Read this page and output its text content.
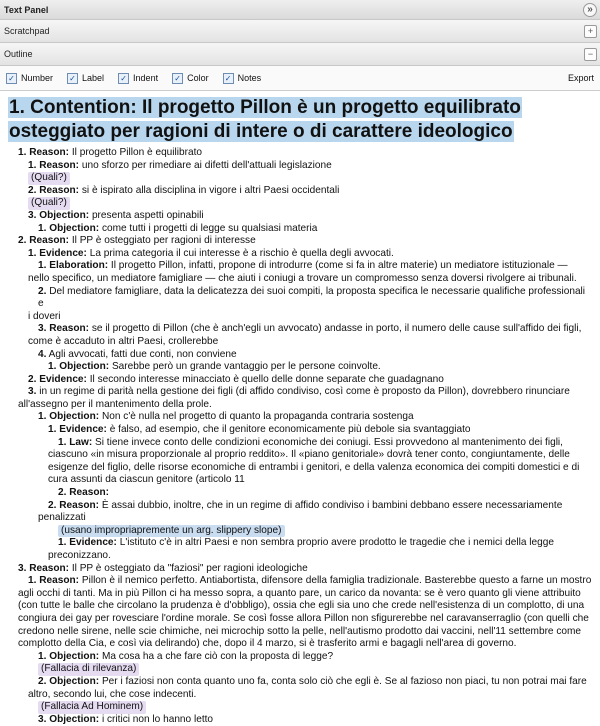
Text Panel	»
Scratchpad	+
Outline	−
✓ Number ✓ Label ✓ Indent ✓ Color ✓ Notes	Export
1. Contention: Il progetto Pillon è un progetto equilibrato osteggiato per ragioni di intere o di carattere ideologico
1. Reason: Il progetto Pillon è equilibrato
1. Reason: uno sforzo per rimediare ai difetti dell'attuali legislazione
(Quali?)
2. Reason: si è ispirato alla disciplina in vigore i altri Paesi occidentali
(Quali?)
3. Objection: presenta aspetti opinabili
1. Objection: come tutti i progetti di legge su qualsiasi materia
2. Reason: Il PP è osteggiato per ragioni di interesse
1. Evidence: La prima categoria il cui interesse è a rischio è quella degli avvocati.
1. Elaboration: Il progetto Pillon, infatti, propone di introdurre (come si fa in altre materie) un mediatore istituzionale —
nello specifico, un mediatore famigliare — che aiuti i coniugi a trovare un compromesso senza doversi rivolgere ai tribunali.
2. Del mediatore famigliare, data la delicatezza dei suoi compiti, la proposta specifica le necessarie qualifiche professionali e
i doveri
3. Reason: se il progetto di Pillon (che è anch'egli un avvocato) andasse in porto, il numero delle cause sull'affido dei figli,
come è accaduto in altri Paesi, crollerebbe
4. Agli avvocati, fatti due conti, non conviene
1. Objection: Sarebbe però un grande vantaggio per le persone coinvolte.
2. Evidence: Il secondo interesse minacciato è quello delle donne separate che guadagnano
3. in un regime di parità nella gestione dei figli (di affido condiviso, così come è proposto da Pillon), dovrebbero rinunciare
all'assegno per il mantenimento della prole.
1. Objection: Non c'è nulla nel progetto di quanto la propaganda contraria sostenga
1. Evidence: è falso, ad esempio, che il genitore economicamente più debole sia svantaggiato
1. Law: Si tiene invece conto delle condizioni economiche dei coniugi. Essi provvedono al mantenimento dei figli,
ciascuno «in misura proporzionale al proprio reddito». Il «piano genitoriale» dovrà tener conto, congiuntamente, delle
esigenze del figlio, delle risorse economiche di entrambi i genitori, e della valenza economica dei compiti domestici e di
cura assunti da ciascun genitore (articolo 11
2. Reason:
2. Reason: È assai dubbio, inoltre, che in un regime di affido condiviso i bambini debbano essere necessariamente
penalizzati
(usano impropriapremente un arg. slippery slope)
1. Evidence: L'istituto c'è in altri Paesi e non sembra proprio avere prodotto le tragedie che i nemici della legge
preconizzano.
3. Reason: Il PP è osteggiato da "faziosi" per ragioni ideologiche
1. Reason: Pillon è il nemico perfetto. Antiabortista, difensore della famiglia tradizionale. Basterebbe questo a farne un mostro
agli occhi di tanti. Ma in più Pillon ci ha messo sopra, a quanto pare, un carico da novanta: se è vero quanto gli viene attribuito
(con tutte le balle che circolano la prudenza è d'obbligo), ossia che egli sia uno che crede nell'esistenza di un complotto, di una
congiura dei gay per rovesciare l'ordine morale. Se così fosse allora Pillon non sfigurerebbe nel caravanserraglio (con quelli che
credono nelle sirene, nelle scie chimiche, nei microchip sotto la pelle, nell'autismo prodotto dai vaccini, nell'11 settembre come
complotto della Cia, e così via delirando) che, dopo il 4 marzo, si è trasferito armi e bagagli nell'area di governo.
1. Objection: Ma cosa ha a che fare ciò con la proposta di legge?
(Fallacia di rilevanza)
2. Objection: Per i faziosi non conta quanto uno fa, conta solo ciò che egli è. Se al fazioso non piaci, tu non potrai mai fare
altro, secondo lui, che cose indecenti.
(Fallacia Ad Hominem)
3. Objection: i critici non lo hanno letto
